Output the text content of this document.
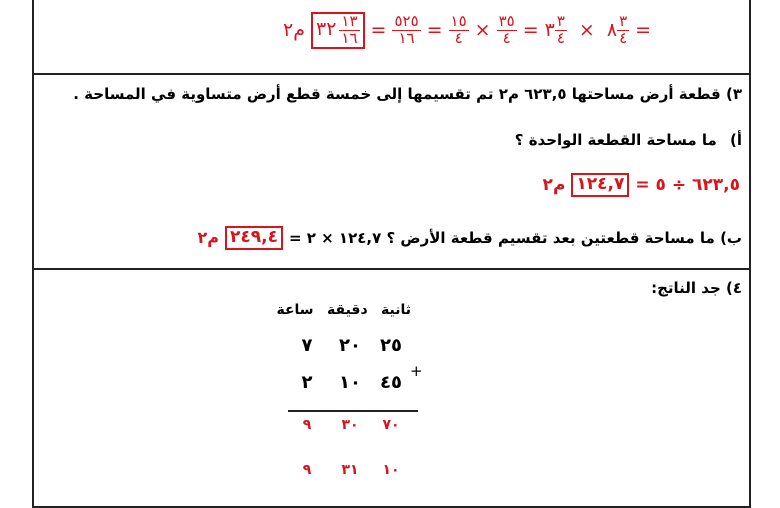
م٢ ٣٢ $\frac{١٣}{١٦} = \frac{٥٢٥}{١٦} = \frac{١٥}{٤} \times \frac{٣٥}{٤}$ = ٣ $\frac{٣}{٤}$ × ٨ $\frac{٣}{٤}$ =
٣) قطعة أرض مساحتها ٦٢٣,٥ م٢ تم تقسيمها إلى خمسة قطع أرض متساوية في المساحة .
أ) ما مساحة القطعة الواحدة ؟
٦٢٣,٥ ÷ ٥ =
١٢٤,٧
م٢
ب) ما مساحة قطعتين بعد تقسيم قطعة الأرض ؟ ١٢٤,٧ × ٢ =
٢٤٩,٤
م٢
٤) جد الناتج:
ساعة دقيقة ثانية
٧	٢٠	٢٥
٢	١٠	٤٥
+
٩	٣٠	٧٠
٩	٣١	١٠
